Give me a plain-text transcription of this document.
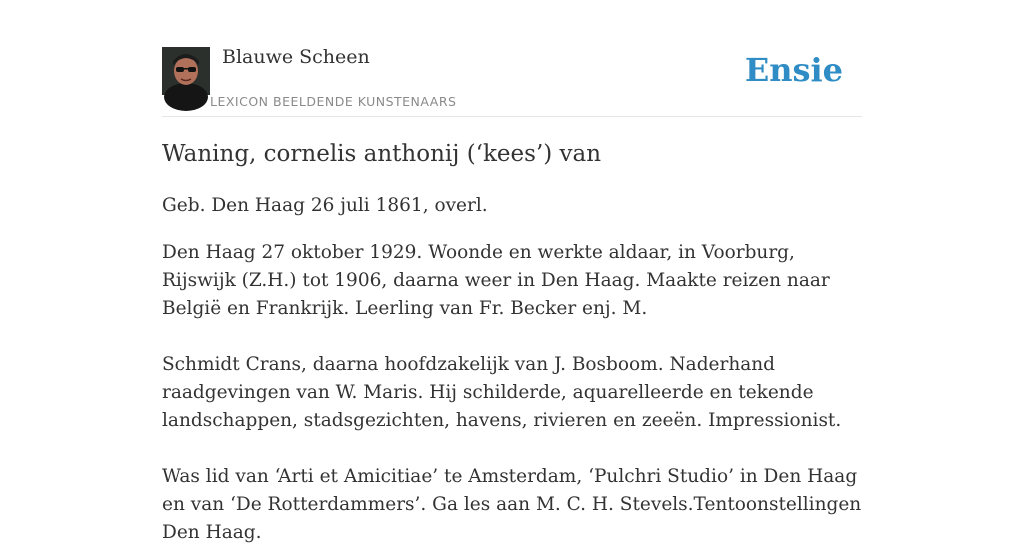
Blauwe Scheen
LEXICON BEELDENDE KUNSTENAARS
Ensie
Waning, cornelis anthonij (‘kees’) van

Geb. Den Haag 26 juli 1861, overl.

Den Haag 27 oktober 1929. Woonde en werkte aldaar, in Voorburg, Rijswijk (Z.H.) tot 1906, daarna weer in Den Haag. Maakte reizen naar België en Frankrijk. Leerling van Fr. Becker enj. M.

Schmidt Crans, daarna hoofdzakelijk van J. Bosboom. Naderhand raadgevingen van W. Maris. Hij schilderde, aquarelleerde en tekende landschappen, stadsgezichten, havens, rivieren en zeeën. Impressionist.

Was lid van ‘Arti et Amicitiae’ te Amsterdam, ‘Pulchri Studio’ in Den Haag en van ‘De Rotterdammers’. Ga les aan M. C. H. Stevels.Tentoonstellingen Den Haag.
